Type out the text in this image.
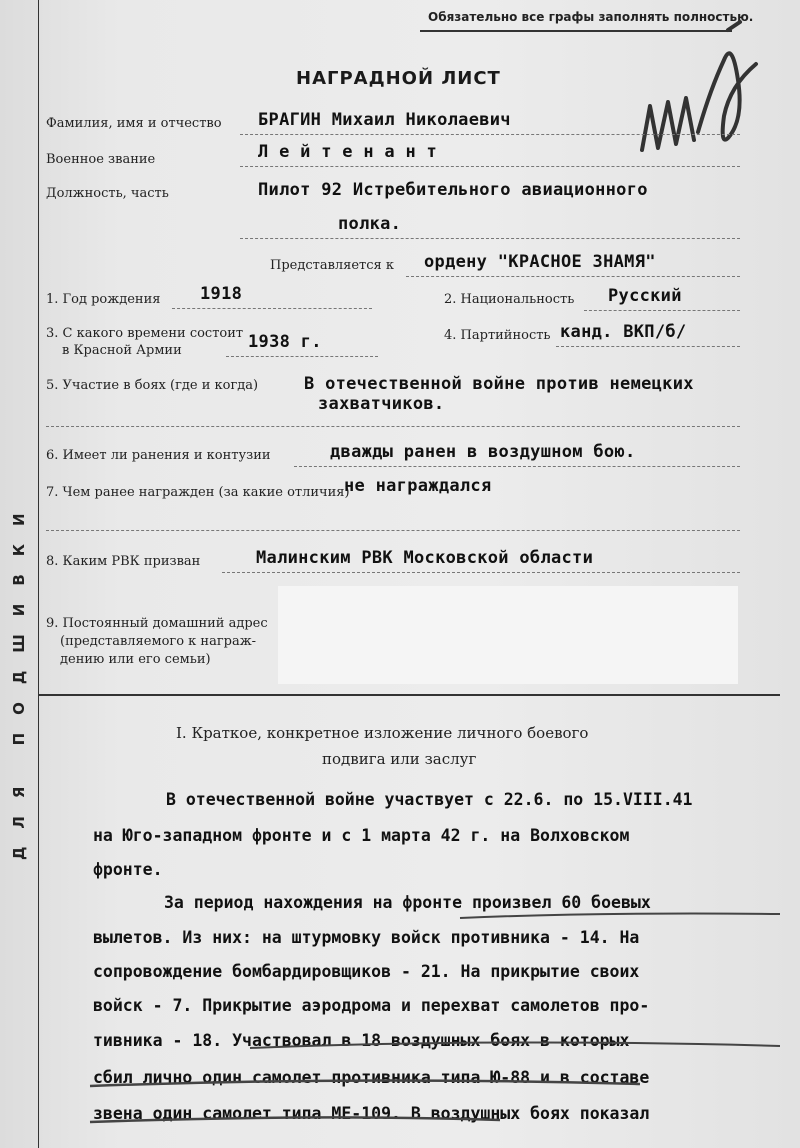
ДЛЯ ПОДШИВКИ
Обязательно все графы заполнять полностью.
НАГРАДНОЙ ЛИСТ
Фамилия, имя и отчество БРАГИН Михаил Николаевич
Военное звание	Л е й т е н а н т
Должность, часть	Пилот 92 Истребительного авиационного
полка.
Представляется к ордену "КРАСНОЕ ЗНАМЯ"
1. Год рождения 1918	2. Национальность Русский
3. С какого времени состоит
в Красной Армии	1938 г.	4. Партийность канд. ВКП/б/
5. Участие в боях (где и когда)	В отечественной войне против немецких
захватчиков.
6. Имеет ли ранения и контузии	дважды ранен в воздушном бою.
7. Чем ранее награжден (за какие отличия)
не награждался
8. Каким РВК призван	Малинским РВК Московской области
9. Постоянный домашний адрес
(представляемого к награж-
дению или его семьи)
I. Краткое, конкретное изложение личного боевого
подвига или заслуг
В отечественной войне участвует с 22.6. по 15.VIII.41
на Юго-западном фронте и с 1 марта 42 г. на Волховском
фронте.
За период нахождения на фронте произвел 60 боевых
вылетов. Из них: на штурмовку войск противника - 14. На
сопровождение бомбардировщиков - 21. На прикрытие своих
войск - 7. Прикрытие аэродрома и перехват самолетов про-
тивника - 18. Участвовал в 18 воздушных боях в которых
сбил лично один самолет противника типа Ю-88 и в составе
звена один самолет типа МЕ-109. В воздушных боях показал
